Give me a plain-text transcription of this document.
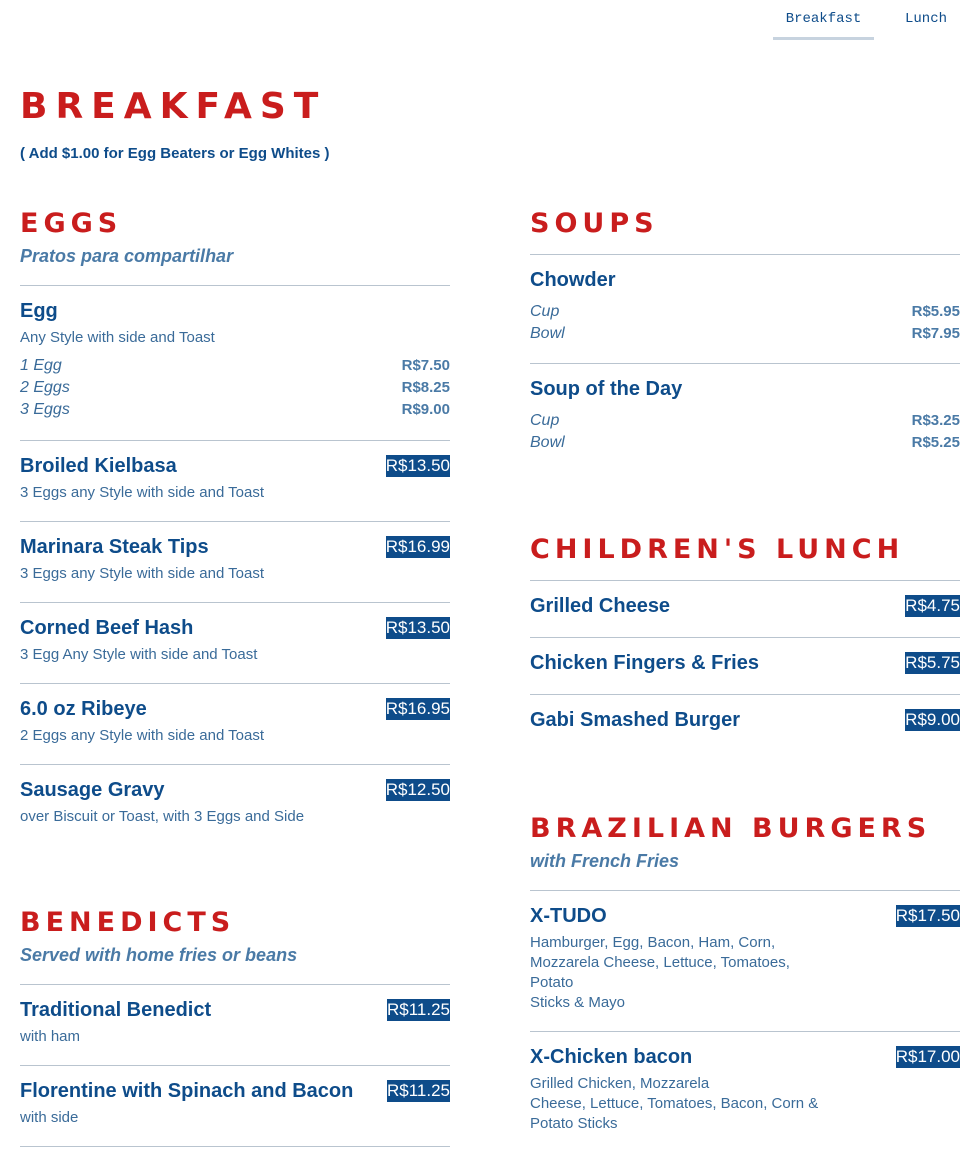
Breakfast	Lunch
BREAKFAST
( Add $1.00 for Egg Beaters or Egg Whites )
EGGS
Pratos para compartilhar
Egg
Any Style with side and Toast
1 Egg	R$7.50
2 Eggs	R$8.25
3 Eggs	R$9.00
Broiled Kielbasa
3 Eggs any Style with side and Toast
R$13.50
Marinara Steak Tips
3 Eggs any Style with side and Toast
R$16.99
Corned Beef Hash
3 Egg Any Style with side and Toast
R$13.50
6.0 oz Ribeye
2 Eggs any Style with side and Toast
R$16.95
Sausage Gravy
over Biscuit or Toast, with 3 Eggs and Side
R$12.50
BENEDICTS
Served with home fries or beans
Traditional Benedict
with ham
R$11.25
Florentine with Spinach and Bacon
with side
R$11.25
SOUPS
Chowder
Cup	R$5.95
Bowl	R$7.95
Soup of the Day
Cup	R$3.25
Bowl	R$5.25
CHILDREN'S LUNCH
Grilled Cheese	R$4.75
Chicken Fingers & Fries	R$5.75
Gabi Smashed Burger	R$9.00
BRAZILIAN BURGERS
with French Fries
X-TUDO
Hamburger, Egg, Bacon, Ham, Corn,
Mozzarela Cheese, Lettuce, Tomatoes,
Potato
Sticks & Mayo
R$17.50
X-Chicken bacon
Grilled Chicken, Mozzarela
Cheese, Lettuce, Tomatoes, Bacon, Corn &
Potato Sticks
R$17.00
